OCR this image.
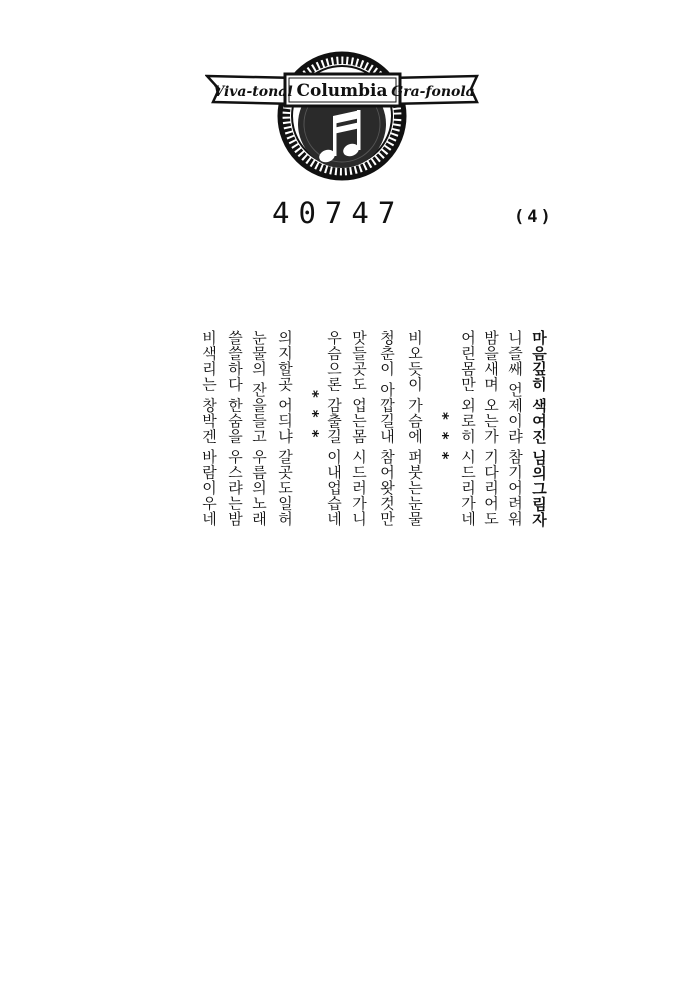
Viva-tonal Columbia Gra-fonola
40747	(4)
마음깊히 색여진 님의그림자
니즐쌔 언제이랴 참기어려워
밤을새며 오는가 기다리어도
어린몸만 외로히 시드리가네
*  *  *
비오듯이 가슴에 퍼붓는눈물
청춘이 아깝길내 참어왓것만
맛들곳도 업는몸 시드러가니
우슴으론 감출길 이내업습네
*  *  *
의지할곳 어듸냐 갈곳도일허
눈물의 잔을들고 우름의노래
쓸쓸하다 한숨을 우스랴는밤
비색리는 창박겐 바람이우네
